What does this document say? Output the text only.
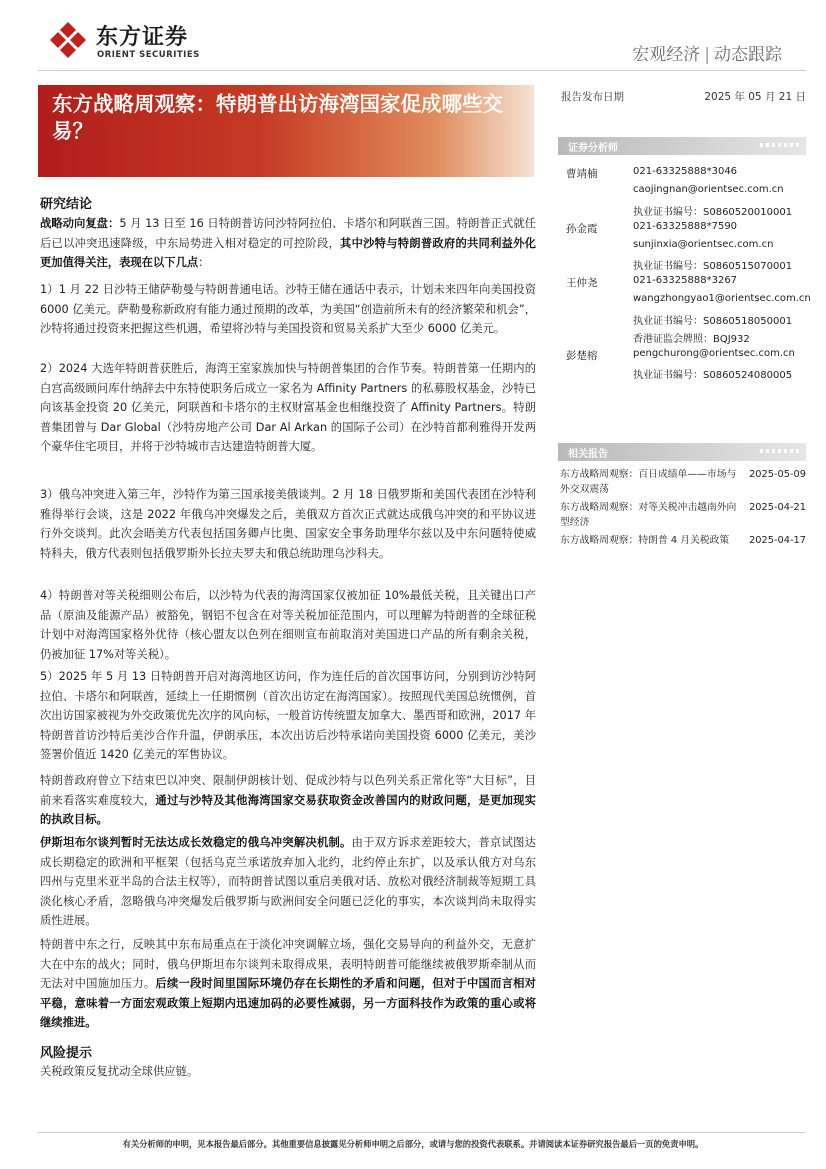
东方证券
ORIENT SECURITIES	宏观经济 | 动态跟踪
东方战略周观察：特朗普出访海湾国家促成哪些交易？
报告发布日期	2025 年 05 月 21 日
证券分析师
曹靖楠	021-63325888*3046
caojingnan@orientsec.com.cn
执业证书编号：S0860520010001
孙金霞	021-63325888*7590
sunjinxia@orientsec.com.cn
执业证书编号：S0860515070001
王仲尧	021-63325888*3267
wangzhongyao1@orientsec.com.cn
执业证书编号：S0860518050001
香港证监会牌照：BQJ932
彭楚榕	pengchurong@orientsec.com.cn
执业证书编号：S0860524080005
相关报告
东方战略周观察：百日成绩单——市场与外交双震荡
2025-05-09
东方战略周观察：对等关税冲击越南外向型经济
2025-04-21
东方战略周观察：特朗普 4 月关税政策	2025-04-17
研究结论
战略动向复盘：5 月 13 日至 16 日特朗普访问沙特阿拉伯、卡塔尔和阿联酋三国。特朗普正式就任后已以冲突迅速降级，中东局势进入相对稳定的可控阶段，其中沙特与特朗普政府的共同利益外化更加值得关注，表现在以下几点：
1）1 月 22 日沙特王储萨勒曼与特朗普通电话。沙特王储在通话中表示，计划未来四年向美国投资 6000 亿美元。萨勒曼称新政府有能力通过预期的改革，为美国“创造前所未有的经济繁荣和机会”，沙特将通过投资来把握这些机遇，希望将沙特与美国投资和贸易关系扩大至少 6000 亿美元。
2）2024 大选年特朗普获胜后，海湾王室家族加快与特朗普集团的合作节奏。特朗普第一任期内的白宫高级顾问库什纳辞去中东特使职务后成立一家名为 Affinity Partners 的私募股权基金，沙特已向该基金投资 20 亿美元，阿联酋和卡塔尔的主权财富基金也相继投资了 Affinity Partners。特朗普集团曾与 Dar Global（沙特房地产公司 Dar Al Arkan 的国际子公司）在沙特首都利雅得开发两个豪华住宅项目，并将于沙特城市吉达建造特朗普大厦。
3）俄乌冲突进入第三年，沙特作为第三国承接美俄谈判。2 月 18 日俄罗斯和美国代表团在沙特利雅得举行会谈，这是 2022 年俄乌冲突爆发之后，美俄双方首次正式就达成俄乌冲突的和平协议进行外交谈判。此次会晤美方代表包括国务卿卢比奥、国家安全事务助理华尔兹以及中东问题特使威特科夫，俄方代表则包括俄罗斯外长拉夫罗夫和俄总统助理乌沙科夫。
4）特朗普对等关税细则公布后，以沙特为代表的海湾国家仅被加征 10%最低关税，且关键出口产品（原油及能源产品）被豁免，钢铝不包含在对等关税加征范围内，可以理解为特朗普的全球征税计划中对海湾国家格外优待（核心盟友以色列在细则宣布前取消对美国进口产品的所有剩余关税，仍被加征 17%对等关税）。
5）2025 年 5 月 13 日特朗普开启对海湾地区访问，作为连任后的首次国事访问，分别到访沙特阿拉伯、卡塔尔和阿联酋，延续上一任期惯例（首次出访定在海湾国家）。按照现代美国总统惯例，首次出访国家被视为外交政策优先次序的风向标，一般首访传统盟友加拿大、墨西哥和欧洲，2017 年特朗普首访沙特后美沙合作升温，伊朗承压，本次出访后沙特承诺向美国投资 6000 亿美元，美沙签署价值近 1420 亿美元的军售协议。
特朗普政府曾立下结束巴以冲突、限制伊朗核计划、促成沙特与以色列关系正常化等“大目标”，目前来看落实难度较大，通过与沙特及其他海湾国家交易获取资金改善国内的财政问题，是更加现实的执政目标。
伊斯坦布尔谈判暂时无法达成长效稳定的俄乌冲突解决机制。由于双方诉求差距较大，普京试图达成长期稳定的欧洲和平框架（包括乌克兰承诺放弃加入北约，北约停止东扩，以及承认俄方对乌东四州与克里米亚半岛的合法主权等），而特朗普试图以重启美俄对话、放松对俄经济制裁等短期工具淡化核心矛盾，忽略俄乌冲突爆发后俄罗斯与欧洲间安全问题已泛化的事实，本次谈判尚未取得实质性进展。
特朗普中东之行，反映其中东布局重点在于淡化冲突调解立场，强化交易导向的利益外交，无意扩大在中东的战火；同时，俄乌伊斯坦布尔谈判未取得成果，表明特朗普可能继续被俄罗斯牵制从而无法对中国施加压力。后续一段时间里国际环境仍存在长期性的矛盾和问题，但对于中国而言相对平稳，意味着一方面宏观政策上短期内迅速加码的必要性减弱，另一方面科技作为政策的重心或将继续推进。
风险提示
关税政策反复扰动全球供应链。
有关分析师的申明，见本报告最后部分。其他重要信息披露见分析师申明之后部分，或请与您的投资代表联系。并请阅读本证券研究报告最后一页的免责申明。
